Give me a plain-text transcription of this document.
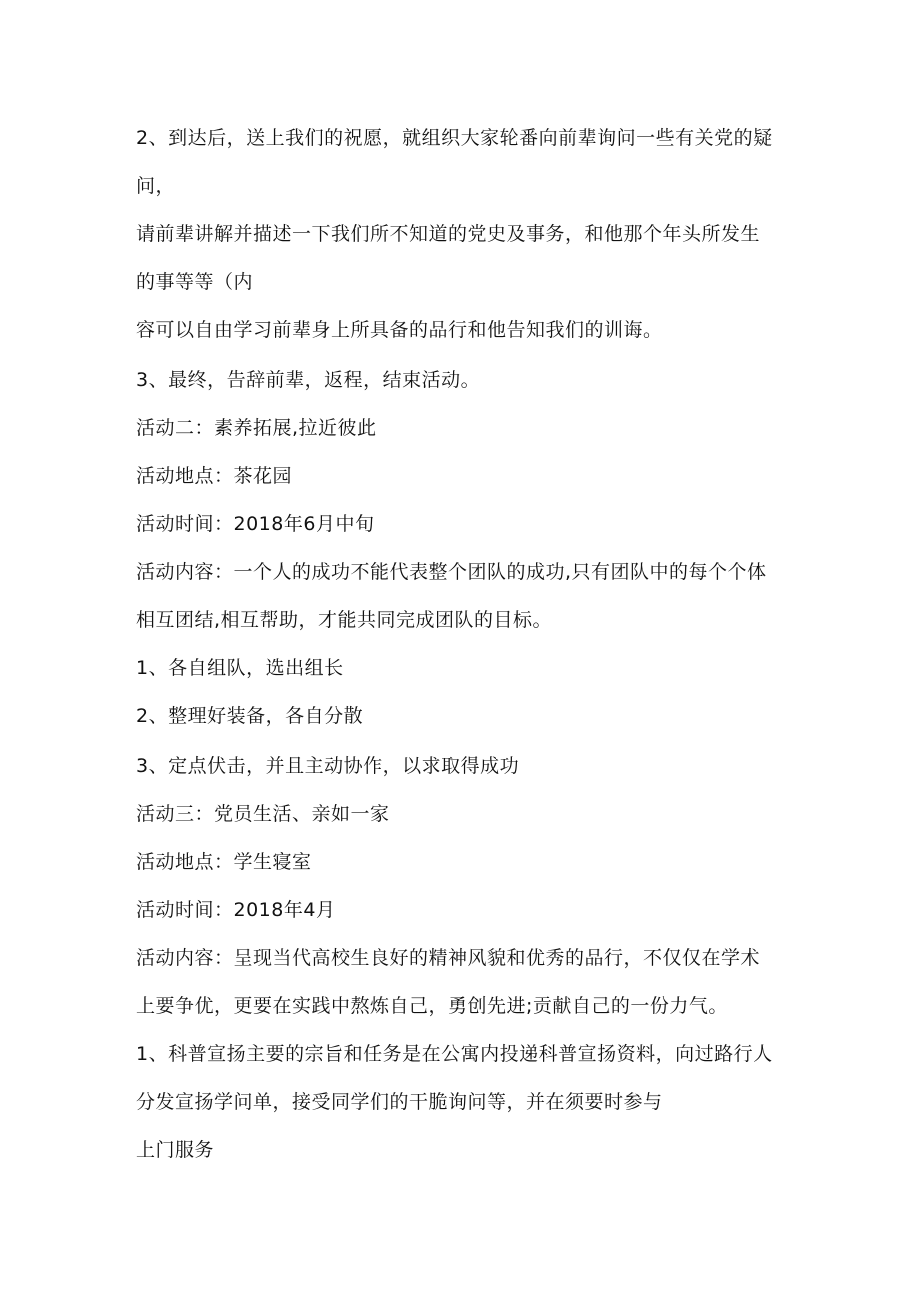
2、到达后，送上我们的祝愿，就组织大家轮番向前辈询问一些有关党的疑
问，
请前辈讲解并描述一下我们所不知道的党史及事务，和他那个年头所发生
的事等等（内
容可以自由学习前辈身上所具备的品行和他告知我们的训诲。
3、最终，告辞前辈，返程，结束活动。
活动二：素养拓展,拉近彼此
活动地点：茶花园
活动时间：2018年6月中旬
活动内容：一个人的成功不能代表整个团队的成功,只有团队中的每个个体
相互团结,相互帮助，才能共同完成团队的目标。
1、各自组队，选出组长
2、整理好装备，各自分散
3、定点伏击，并且主动协作，以求取得成功
活动三：党员生活、亲如一家
活动地点：学生寝室
活动时间：2018年4月
活动内容：呈现当代高校生良好的精神风貌和优秀的品行，不仅仅在学术
上要争优，更要在实践中熬炼自己，勇创先进;贡献自己的一份力气。
1、科普宣扬主要的宗旨和任务是在公寓内投递科普宣扬资料，向过路行人
分发宣扬学问单，接受同学们的干脆询问等，并在须要时参与
上门服务
